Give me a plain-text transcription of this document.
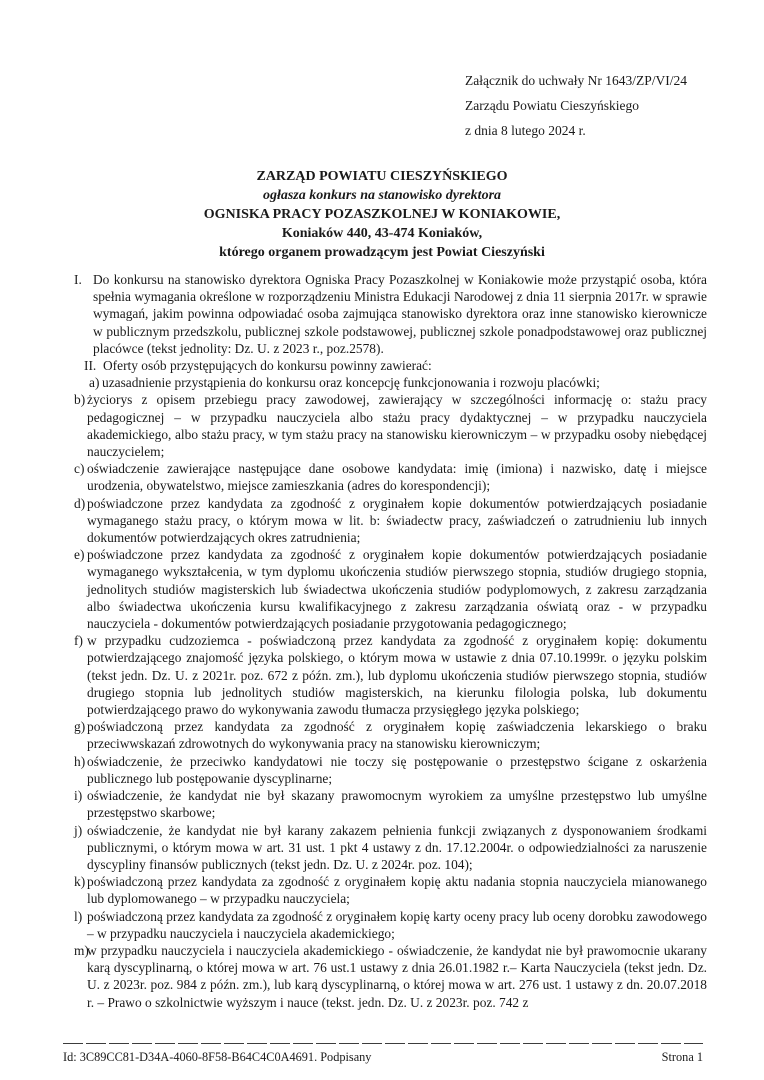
Załącznik do uchwały Nr 1643/ZP/VI/24
Zarządu Powiatu Cieszyńskiego
z dnia 8 lutego 2024 r.
ZARZĄD POWIATU CIESZYŃSKIEGO
ogłasza konkurs na stanowisko dyrektora
OGNISKA PRACY POZASZKOLNEJ W KONIAKOWIE,
Koniaków 440, 43-474 Koniaków,
którego organem prowadzącym jest Powiat Cieszyński
I. Do konkursu na stanowisko dyrektora Ogniska Pracy Pozaszkolnej w Koniakowie może przystąpić osoba, która spełnia wymagania określone w rozporządzeniu Ministra Edukacji Narodowej z dnia 11 sierpnia 2017r. w sprawie wymagań, jakim powinna odpowiadać osoba zajmująca stanowisko dyrektora oraz inne stanowisko kierownicze w publicznym przedszkolu, publicznej szkole podstawowej, publicznej szkole ponadpodstawowej oraz publicznej placówce (tekst jednolity: Dz. U. z 2023 r., poz.2578).
II. Oferty osób przystępujących do konkursu powinny zawierać:
a) uzasadnienie przystąpienia do konkursu oraz koncepcję funkcjonowania i rozwoju placówki;
b) życiorys z opisem przebiegu pracy zawodowej, zawierający w szczególności informację o: stażu pracy pedagogicznej – w przypadku nauczyciela albo stażu pracy dydaktycznej – w przypadku nauczyciela akademickiego, albo stażu pracy, w tym stażu pracy na stanowisku kierowniczym – w przypadku osoby niebędącej nauczycielem;
c) oświadczenie zawierające następujące dane osobowe kandydata: imię (imiona) i nazwisko, datę i miejsce urodzenia, obywatelstwo, miejsce zamieszkania (adres do korespondencji);
d) poświadczone przez kandydata za zgodność z oryginałem kopie dokumentów potwierdzających posiadanie wymaganego stażu pracy, o którym mowa w lit. b: świadectw pracy, zaświadczeń o zatrudnieniu lub innych dokumentów potwierdzających okres zatrudnienia;
e) poświadczone przez kandydata za zgodność z oryginałem kopie dokumentów potwierdzających posiadanie wymaganego wykształcenia, w tym dyplomu ukończenia studiów pierwszego stopnia, studiów drugiego stopnia, jednolitych studiów magisterskich lub świadectwa ukończenia studiów podyplomowych, z zakresu zarządzania albo świadectwa ukończenia kursu kwalifikacyjnego z zakresu zarządzania oświatą oraz - w przypadku nauczyciela - dokumentów potwierdzających posiadanie przygotowania pedagogicznego;
f) w przypadku cudzoziemca - poświadczoną przez kandydata za zgodność z oryginałem kopię: dokumentu potwierdzającego znajomość języka polskiego, o którym mowa w ustawie z dnia 07.10.1999r. o języku polskim (tekst jedn. Dz. U. z 2021r. poz. 672 z późn. zm.), lub dyplomu ukończenia studiów pierwszego stopnia, studiów drugiego stopnia lub jednolitych studiów magisterskich, na kierunku filologia polska, lub dokumentu potwierdzającego prawo do wykonywania zawodu tłumacza przysięgłego języka polskiego;
g) poświadczoną przez kandydata za zgodność z oryginałem kopię zaświadczenia lekarskiego o braku przeciwwskazań zdrowotnych do wykonywania pracy na stanowisku kierowniczym;
h) oświadczenie, że przeciwko kandydatowi nie toczy się postępowanie o przestępstwo ścigane z oskarżenia publicznego lub postępowanie dyscyplinarne;
i) oświadczenie, że kandydat nie był skazany prawomocnym wyrokiem za umyślne przestępstwo lub umyślne przestępstwo skarbowe;
j) oświadczenie, że kandydat nie był karany zakazem pełnienia funkcji związanych z dysponowaniem środkami publicznymi, o którym mowa w art. 31 ust. 1 pkt 4 ustawy z dn. 17.12.2004r. o odpowiedzialności za naruszenie dyscypliny finansów publicznych (tekst jedn. Dz. U. z 2024r. poz. 104);
k) poświadczoną przez kandydata za zgodność z oryginałem kopię aktu nadania stopnia nauczyciela mianowanego lub dyplomowanego – w przypadku nauczyciela;
l) poświadczoną przez kandydata za zgodność z oryginałem kopię karty oceny pracy lub oceny dorobku zawodowego – w przypadku nauczyciela i nauczyciela akademickiego;
m)
w przypadku nauczyciela i nauczyciela akademickiego - oświadczenie, że kandydat nie był prawomocnie ukarany karą dyscyplinarną, o której mowa w art. 76 ust.1 ustawy z dnia 26.01.1982 r.– Karta Nauczyciela (tekst jedn. Dz. U. z 2023r. poz. 984 z późn. zm.), lub karą dyscyplinarną, o której mowa w art. 276 ust. 1 ustawy z dn. 20.07.2018 r. – Prawo o szkolnictwie wyższym i nauce (tekst. jedn. Dz. U. z 2023r. poz. 742 z
Id: 3C89CC81-D34A-4060-8F58-B64C4C0A4691. Podpisany	Strona 1
